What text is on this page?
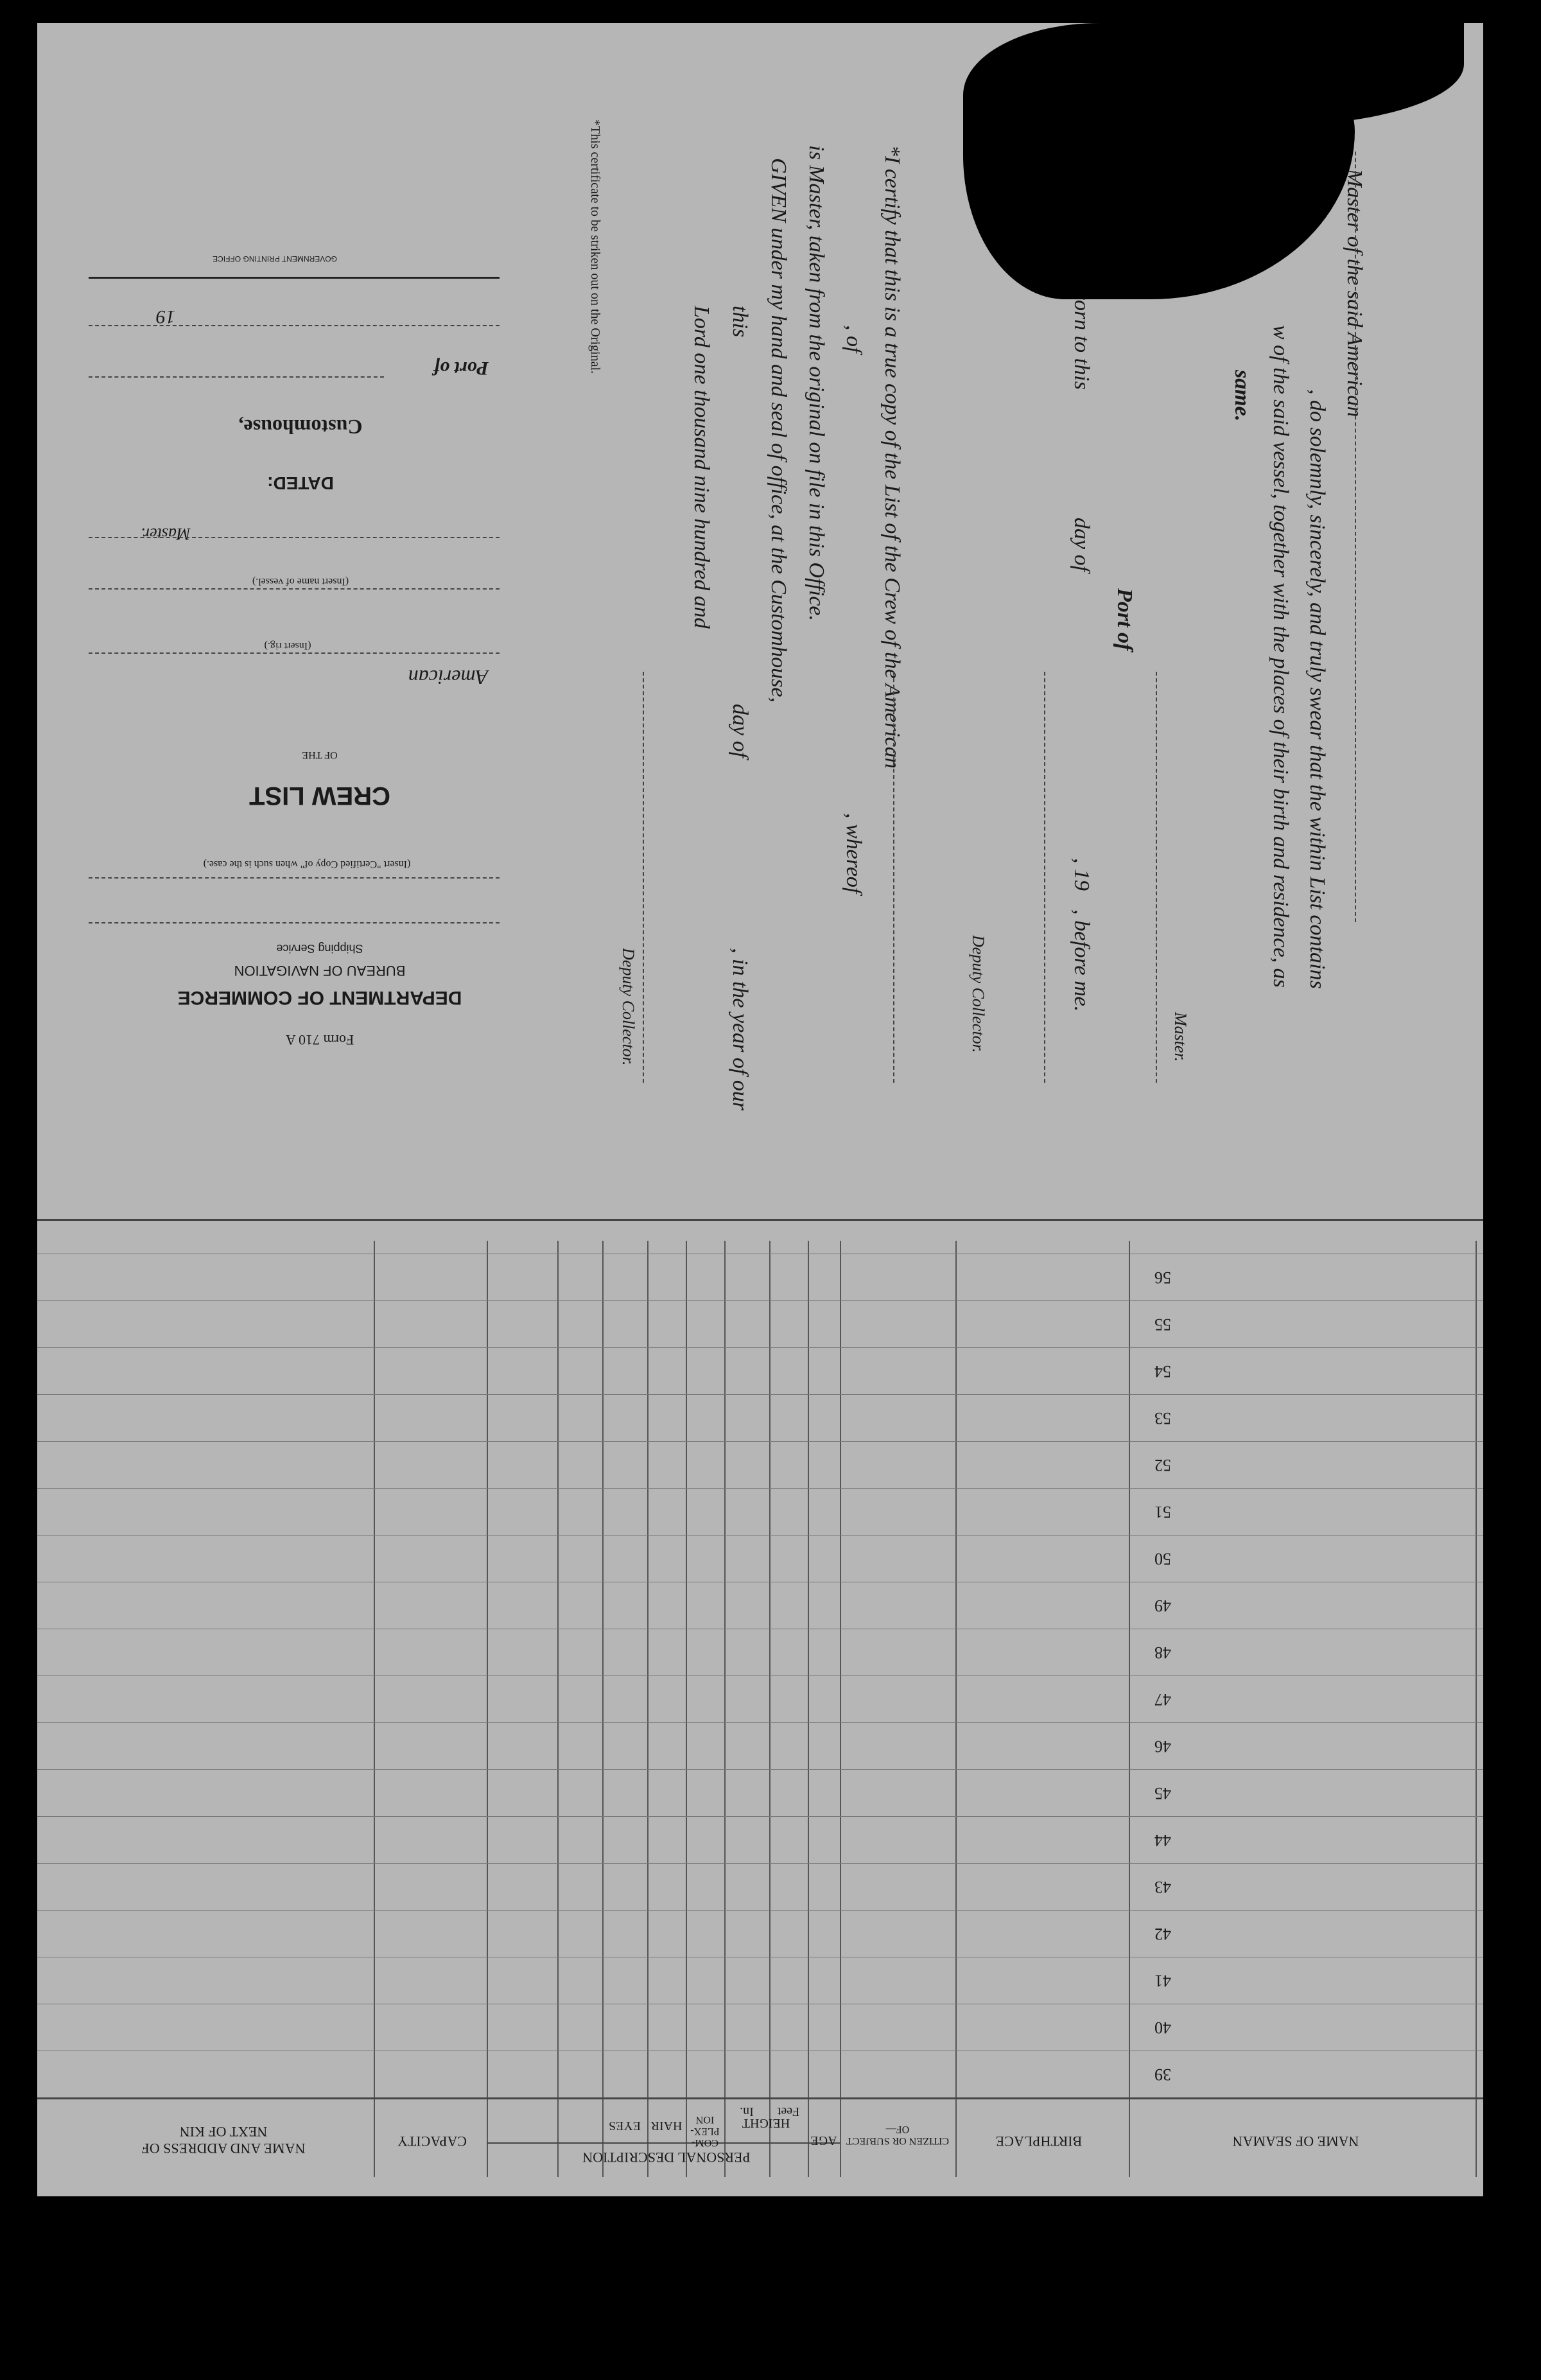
, Master of the said American
, do solemnly, sincerely, and truly swear that the within List contains
w of the said vessel, together with the places of their birth and residence, as
same.
Master.
Port of
day of
, 19
, before me.
Deputy Collector.
*I certify that this is a true copy of the List of the Crew of the American
, of
, whereof
is Master, taken from the original on file in this Office.
GIVEN under my hand and seal of office, at the Customhouse,
this
day of
, in the year of our
Lord one thousand nine hundred and
Deputy Collector.
*This certificate to be striken out on the Original.
Form 710 A
DEPARTMENT OF COMMERCE
BUREAU OF NAVIGATION
Shipping Service
(Insert "Certified Copy of" when such is the case.)
CREW LIST
OF THE
American
(Insert rig.)
(Insert name of vessel.)
Master.
DATED:
Customhouse,
Port of
19
GOVERNMENT PRINTING OFFICE
39
40
41
42
43
44
45
46
47
48
49
50
51
52
53
54
55
56
NAME OF SEAMAN
BIRTHPLACE
CITIZEN OR SUBJECT OF—
AGE
HEIGHT
Feet
In.
COM-PLEX-ION
HAIR
EYES
PERSONAL DESCRIPTION
CAPACITY
NAME AND ADDRESS OF NEXT OF KIN
